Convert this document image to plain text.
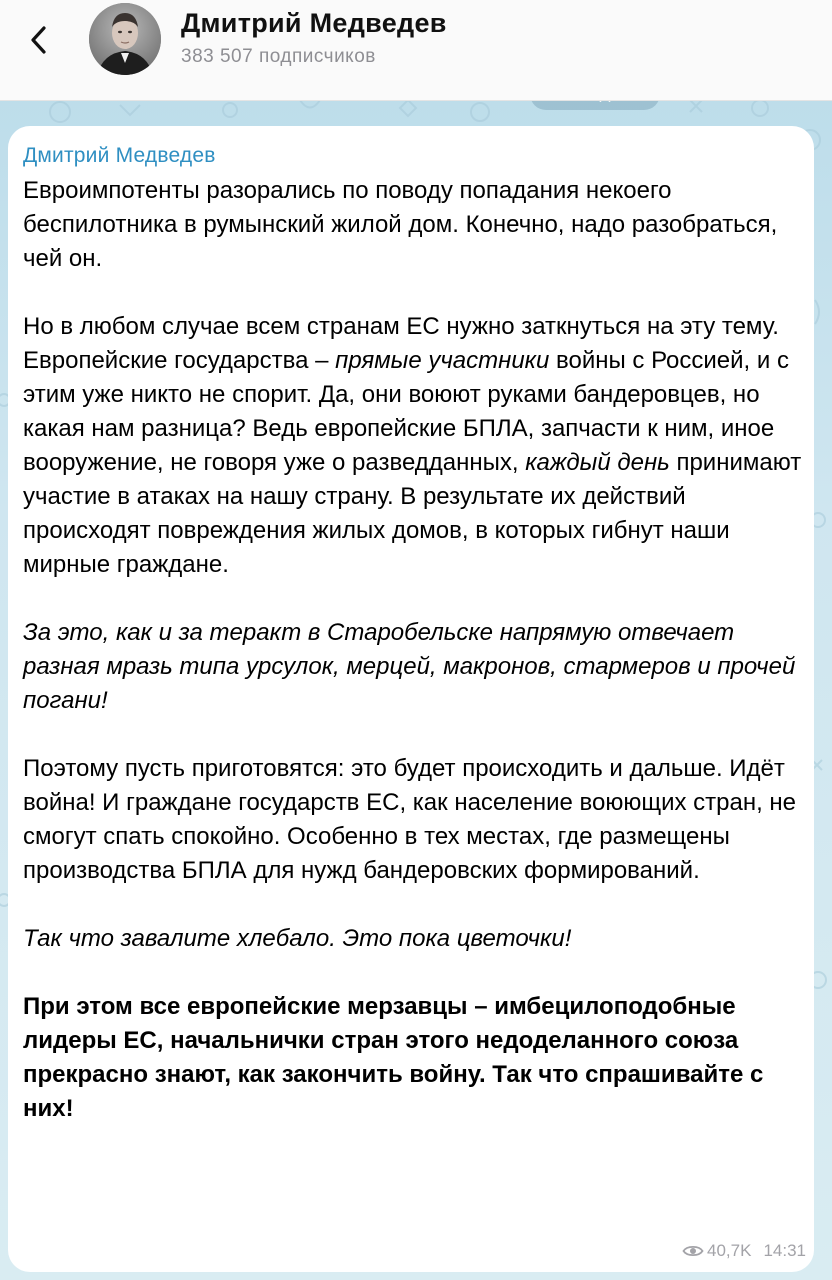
Дмитрий Медведев
383 507 подписчиков
Дмитрий Медведев

Евроимпотенты разорались по поводу попадания некоего беспилотника в румынский жилой дом. Конечно, надо разобраться, чей он.

Но в любом случае всем странам ЕС нужно заткнуться на эту тему. Европейские государства – прямые участники войны с Россией, и с этим уже никто не спорит. Да, они воюют руками бандеровцев, но какая нам разница? Ведь европейские БПЛА, запчасти к ним, иное вооружение, не говоря уже о разведданных, каждый день принимают участие в атаках на нашу страну. В результате их действий происходят повреждения жилых домов, в которых гибнут наши мирные граждане.

За это, как и за теракт в Старобельске напрямую отвечает разная мразь типа урсулок, мерцей, макронов, стармеров и прочей погани!

Поэтому пусть приготовятся: это будет происходить и дальше. Идёт война! И граждане государств ЕС, как население воюющих стран, не смогут спать спокойно. Особенно в тех местах, где размещены производства БПЛА для нужд бандеровских формирований.

Так что завалите хлебало. Это пока цветочки!

При этом все европейские мерзавцы – имбецилоподобные лидеры ЕС, начальнички стран этого недоделанного союза прекрасно знают, как закончить войну. Так что спрашивайте с них!

40,7K 14:31
